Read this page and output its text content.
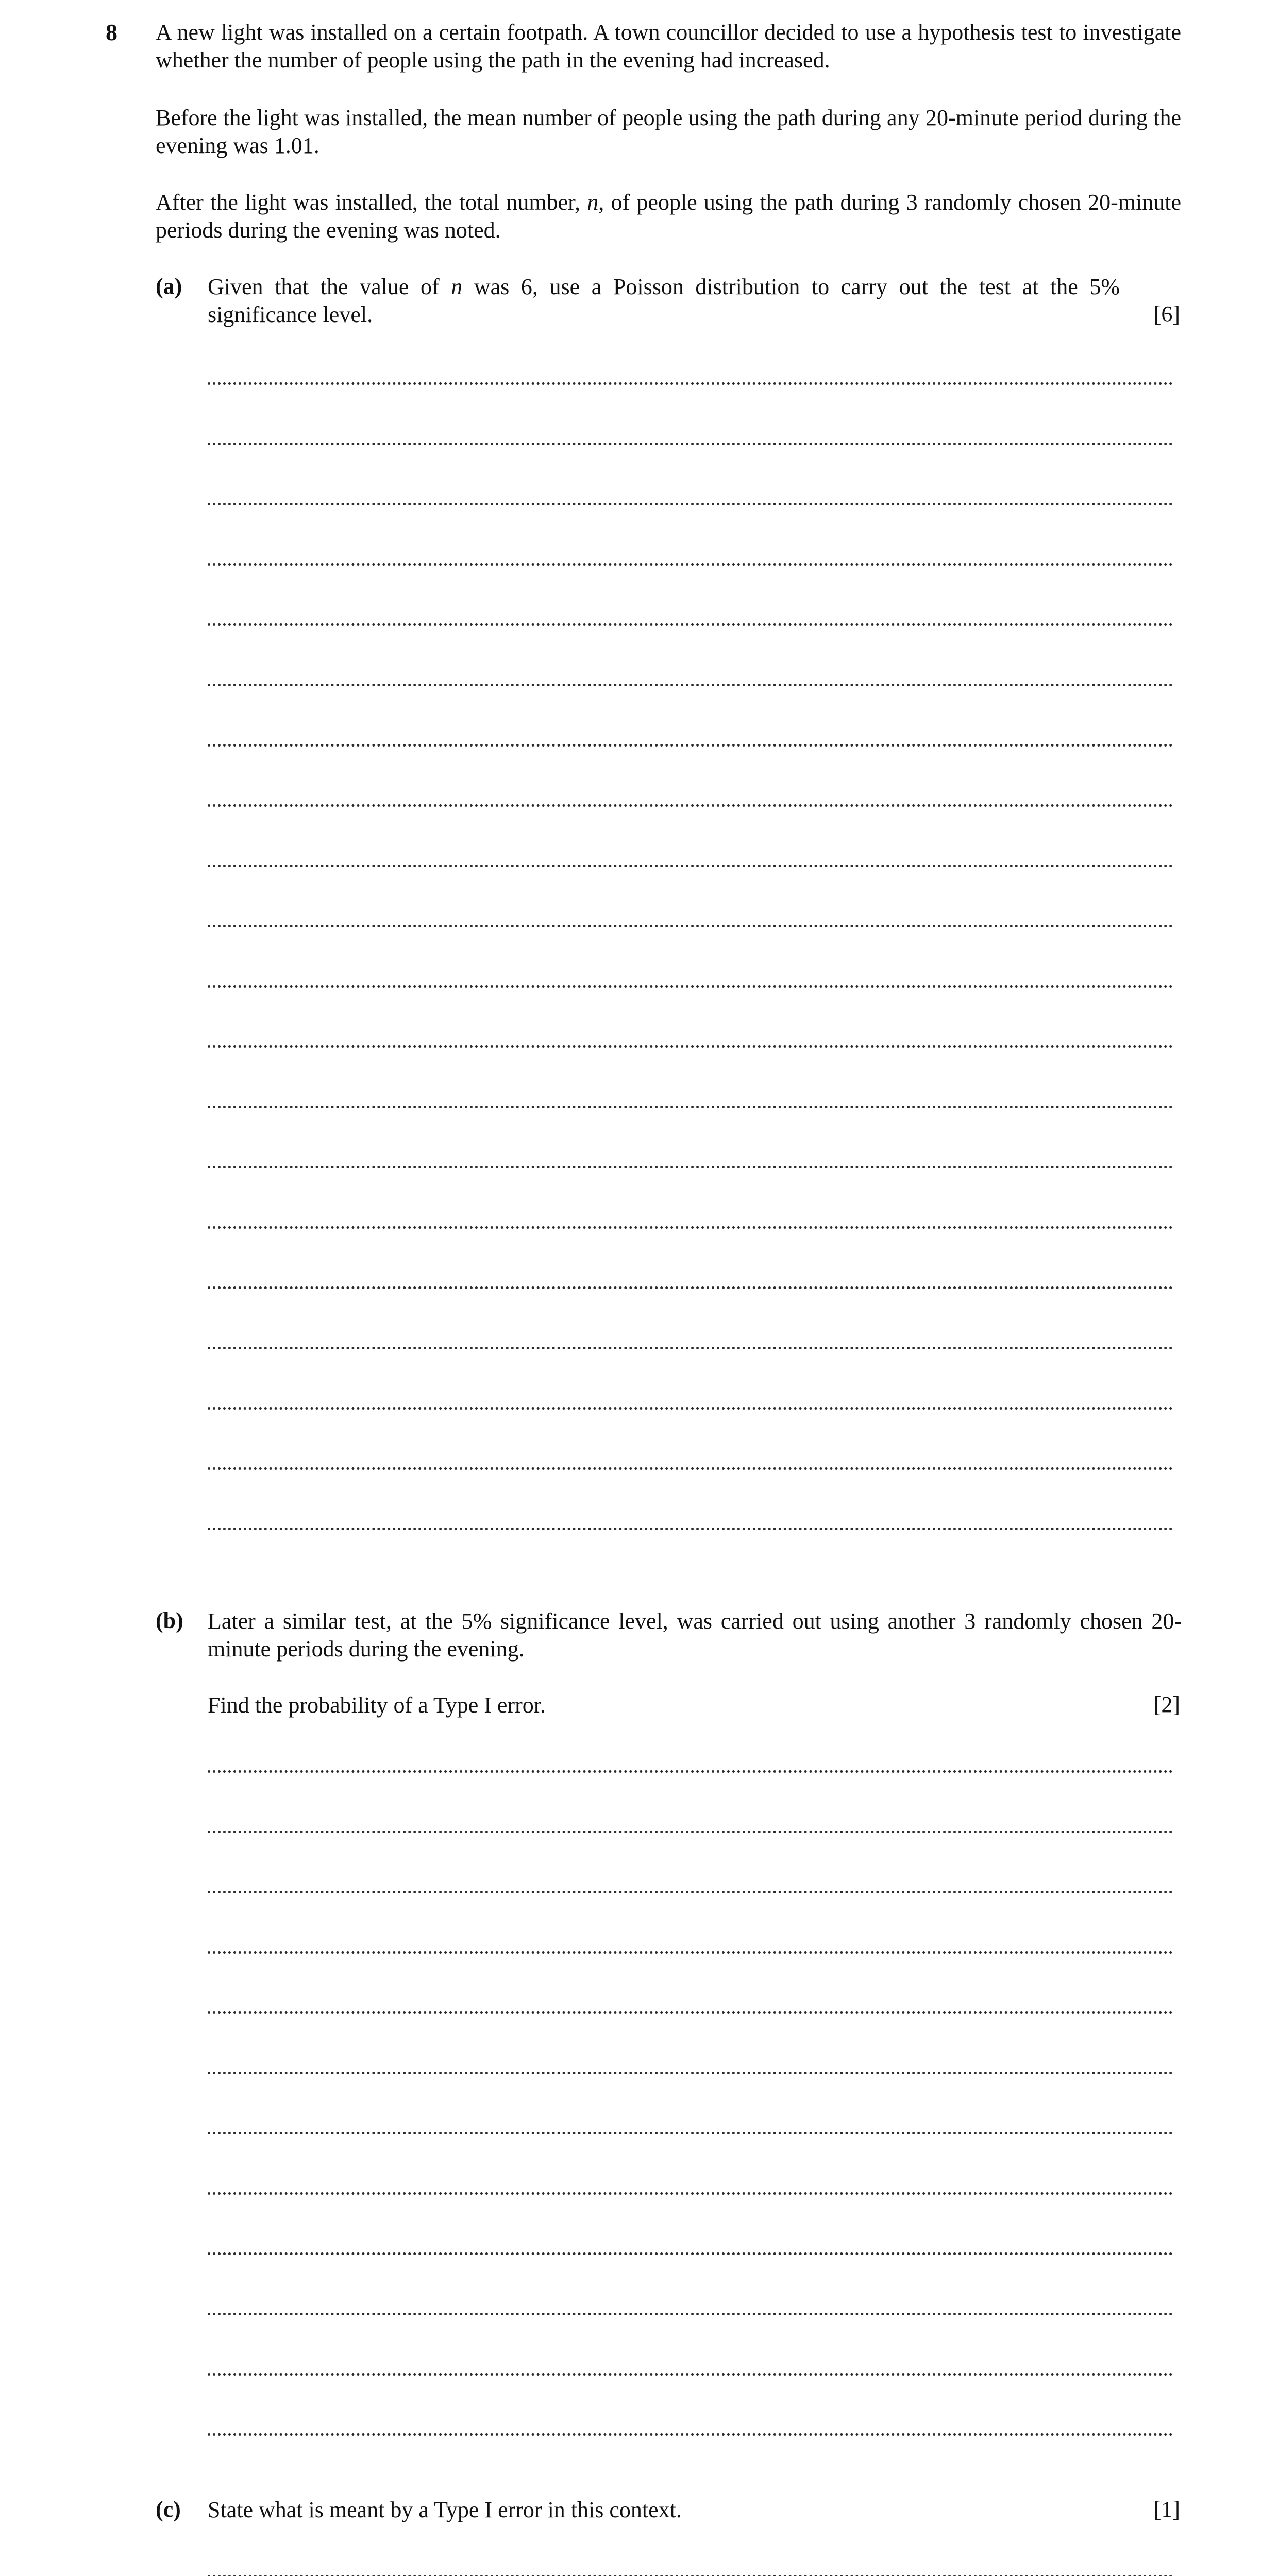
8 A new light was installed on a certain footpath. A town councillor decided to use a hypothesis test to investigate whether the number of people using the path in the evening had increased.
Before the light was installed, the mean number of people using the path during any 20-minute period during the evening was 1.01.
After the light was installed, the total number, n, of people using the path during 3 randomly chosen 20-minute periods during the evening was noted.
(a) Given that the value of n was 6, use a Poisson distribution to carry out the test at the 5% significance level.	[6]
(b) Later a similar test, at the 5% significance level, was carried out using another 3 randomly chosen 20-minute periods during the evening.
Find the probability of a Type I error.	[2]
(c) State what is meant by a Type I error in this context.	[1]
